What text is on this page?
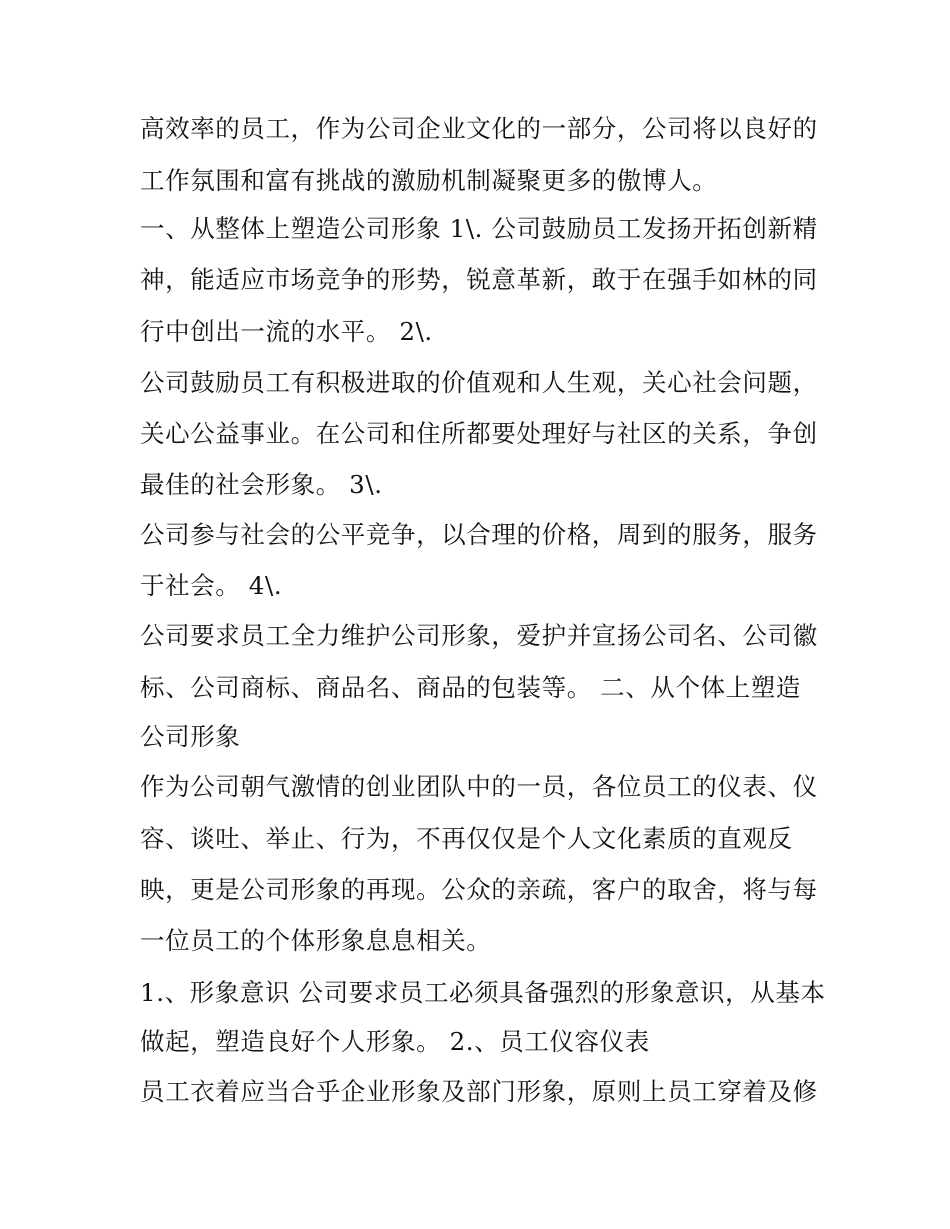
高效率的员工，作为公司企业文化的一部分，公司将以良好的
工作氛围和富有挑战的激励机制凝聚更多的傲博人。
一、从整体上塑造公司形象 1\. 公司鼓励员工发扬开拓创新精
神，能适应市场竞争的形势，锐意革新，敢于在强手如林的同
行中创出一流的水平。 2\.
公司鼓励员工有积极进取的价值观和人生观，关心社会问题，
关心公益事业。在公司和住所都要处理好与社区的关系，争创
最佳的社会形象。 3\.
公司参与社会的公平竞争，以合理的价格，周到的服务，服务
于社会。 4\.
公司要求员工全力维护公司形象，爱护并宣扬公司名、公司徽
标、公司商标、商品名、商品的包装等。 二、从个体上塑造
公司形象
作为公司朝气激情的创业团队中的一员，各位员工的仪表、仪
容、谈吐、举止、行为，不再仅仅是个人文化素质的直观反
映，更是公司形象的再现。公众的亲疏，客户的取舍，将与每
一位员工的个体形象息息相关。
1.、形象意识 公司要求员工必须具备强烈的形象意识，从基本
做起，塑造良好个人形象。 2.、员工仪容仪表
员工衣着应当合乎企业形象及部门形象，原则上员工穿着及修
